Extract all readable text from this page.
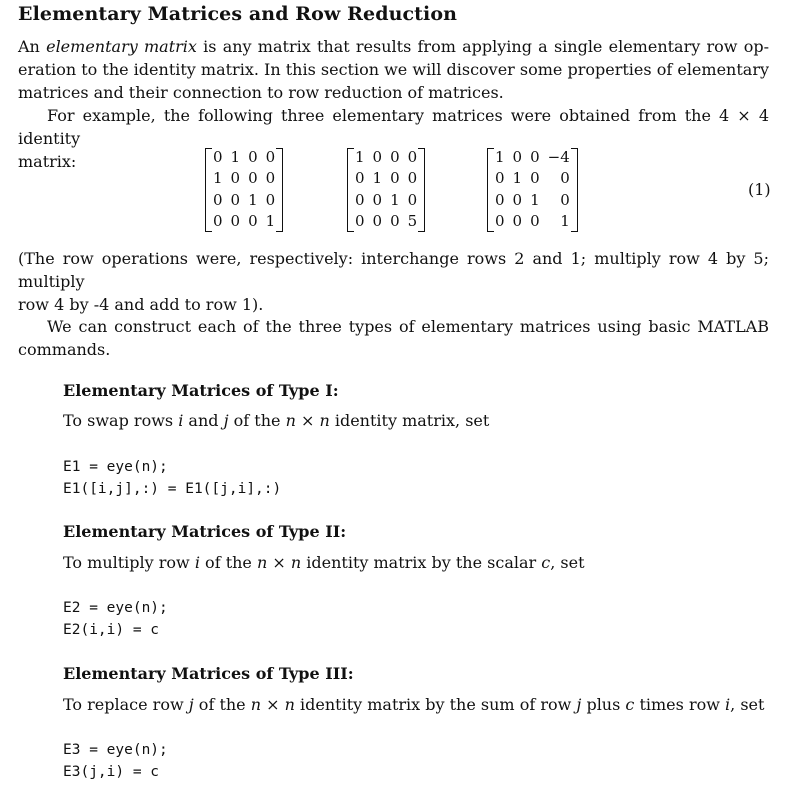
Elementary Matrices and Row Reduction
An elementary matrix is any matrix that results from applying a single elementary row op-
eration to the identity matrix. In this section we will discover some properties of elementary
matrices and their connection to row reduction of matrices.
For example, the following three elementary matrices were obtained from the 4 × 4 identity
matrix:	0	1	0	0
1	0	0	0
0	0	1	0
0	0	0	1
1	0	0	0
0	1	0	0
0	0	1	0
0	0	0	5
1	0	0	−4
0	1	0	0
0	0	1	0
0	0	0	1
(1)
(The row operations were, respectively: interchange rows 2 and 1; multiply row 4 by 5; multiply
row 4 by -4 and add to row 1).
We can construct each of the three types of elementary matrices using basic MATLAB
commands.
Elementary Matrices of Type I:
To swap rows i and j of the n × n identity matrix, set
E1 = eye(n);
E1([i,j],:) = E1([j,i],:)
Elementary Matrices of Type II:
To multiply row i of the n × n identity matrix by the scalar c, set
E2 = eye(n);
E2(i,i) = c
Elementary Matrices of Type III:
To replace row j of the n × n identity matrix by the sum of row j plus c times row i, set
E3 = eye(n);
E3(j,i) = c
